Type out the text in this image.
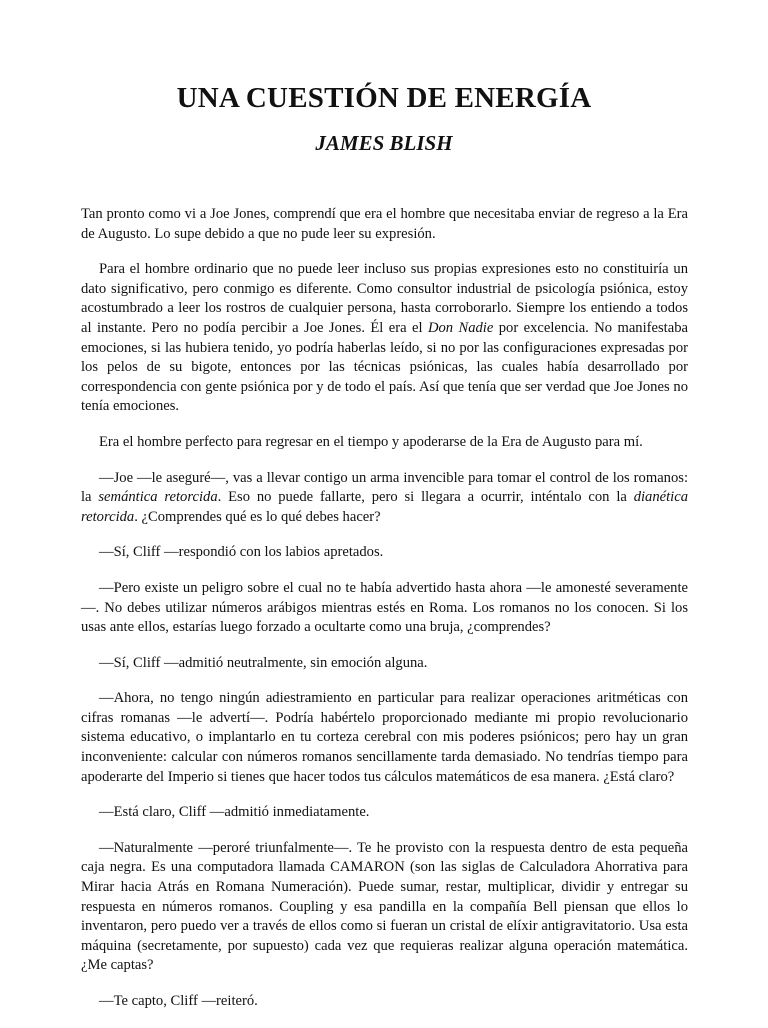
UNA CUESTIÓN DE ENERGÍA
JAMES BLISH

Tan pronto como vi a Joe Jones, comprendí que era el hombre que necesitaba enviar de regreso a la Era de Augusto. Lo supe debido a que no pude leer su expresión.

Para el hombre ordinario que no puede leer incluso sus propias expresiones esto no constituiría un dato significativo, pero conmigo es diferente. Como consultor industrial de psicología psiónica, estoy acostumbrado a leer los rostros de cualquier persona, hasta corroborarlo. Siempre los entiendo a todos al instante. Pero no podía percibir a Joe Jones. Él era el Don Nadie por excelencia. No manifestaba emociones, si las hubiera tenido, yo podría haberlas leído, si no por las configuraciones expresadas por los pelos de su bigote, entonces por las técnicas psiónicas, las cuales había desarrollado por correspondencia con gente psiónica por y de todo el país. Así que tenía que ser verdad que Joe Jones no tenía emociones.

Era el hombre perfecto para regresar en el tiempo y apoderarse de la Era de Augusto para mí.

—Joe —le aseguré—, vas a llevar contigo un arma invencible para tomar el control de los romanos: la semántica retorcida. Eso no puede fallarte, pero si llegara a ocurrir, inténtalo con la dianética retorcida. ¿Comprendes qué es lo qué debes hacer?

—Sí, Cliff —respondió con los labios apretados.

—Pero existe un peligro sobre el cual no te había advertido hasta ahora —le amonesté severamente—. No debes utilizar números arábigos mientras estés en Roma. Los romanos no los conocen. Si los usas ante ellos, estarías luego forzado a ocultarte como una bruja, ¿comprendes?

—Sí, Cliff —admitió neutralmente, sin emoción alguna.

—Ahora, no tengo ningún adiestramiento en particular para realizar operaciones aritméticas con cifras romanas —le advertí—. Podría habértelo proporcionado mediante mi propio revolucionario sistema educativo, o implantarlo en tu corteza cerebral con mis poderes psiónicos; pero hay un gran inconveniente: calcular con números romanos sencillamente tarda demasiado. No tendrías tiempo para apoderarte del Imperio si tienes que hacer todos tus cálculos matemáticos de esa manera. ¿Está claro?

—Está claro, Cliff —admitió inmediatamente.

—Naturalmente —peroré triunfalmente—. Te he provisto con la respuesta dentro de esta pequeña caja negra. Es una computadora llamada CAMARON (son las siglas de Calculadora Ahorrativa para Mirar hacia Atrás en Romana Numeración). Puede sumar, restar, multiplicar, dividir y entregar su respuesta en números romanos. Coupling y esa pandilla en la compañía Bell piensan que ellos lo inventaron, pero puedo ver a través de ellos como si fueran un cristal de elíxir antigravitatorio. Usa esta máquina (secretamente, por supuesto) cada vez que requieras realizar alguna operación matemática. ¿Me captas?

—Te capto, Cliff —reiteró.
